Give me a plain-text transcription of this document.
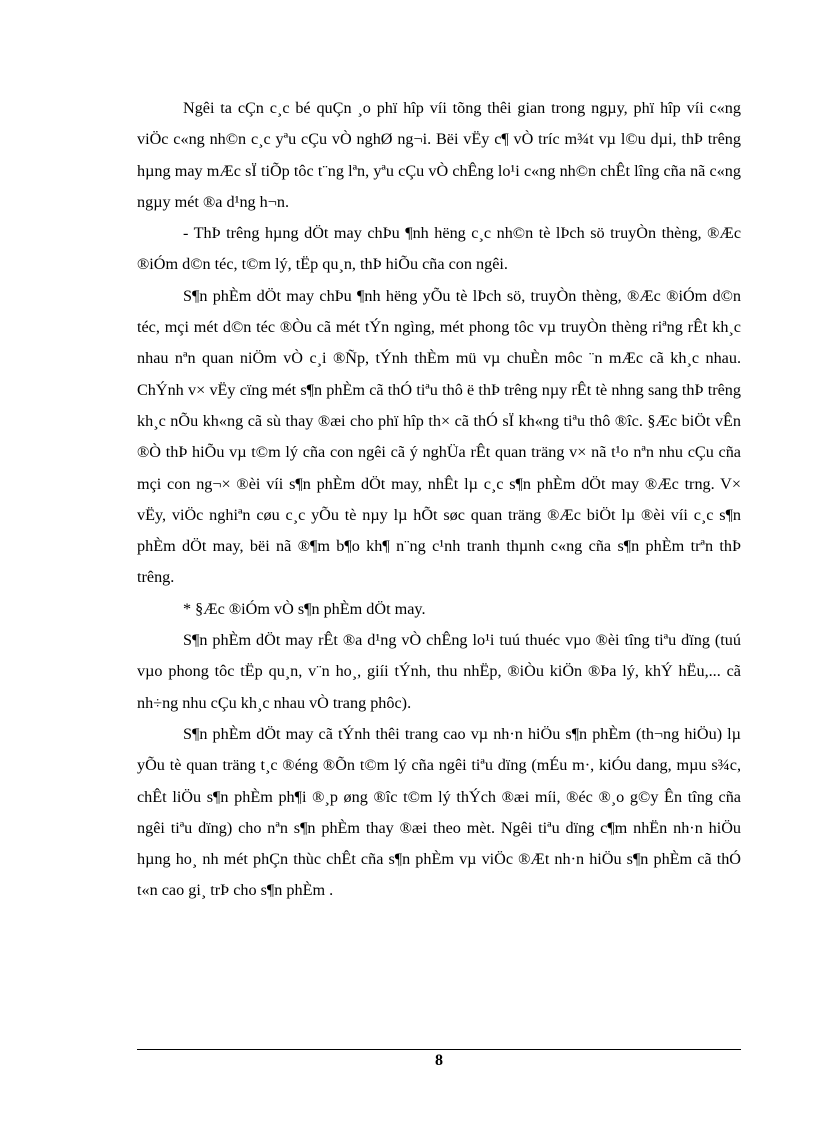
Ngêi ta cÇn c¸c bé quÇn ¸o phï hîp víi tõng thêi gian trong ngµy, phï hîp víi c«ng viÖc c«ng nh©n c¸c yªu cÇu vÒ nghØ ng¬i. Bëi vËy c¶ vÒ tríc m¾t vµ l©u dµi, thÞ trêng hµng may mÆc sÏ tiÕp tôc t¨ng lªn, yªu cÇu vÒ chÊng lo¹i c«ng nh©n chÊt lîng cña nã c«ng ngµy mét ®a d¹ng h¬n.

- ThÞ trêng hµng dÖt may chÞu ¶nh hëng c¸c nh©n tè lÞch sö truyÒn thèng, ®Æc ®iÓm d©n téc, t©m lý, tËp qu¸n, thÞ hiÕu cña con ngêi.

S¶n phÈm dÖt may chÞu ¶nh hëng yÕu tè lÞch sö, truyÒn thèng, ®Æc ®iÓm d©n téc, mçi mét d©n téc ®Òu cã mét tÝn ngìng, mét phong tôc vµ truyÒn thèng riªng rÊt kh¸c nhau nªn quan niÖm vÒ c¸i ®Ñp, tÝnh thÈm mü vµ chuÈn môc ¨n mÆc cã kh¸c nhau. ChÝnh v× vËy cïng mét s¶n phÈm cã thÓ tiªu thô ë thÞ trêng nµy rÊt tè nhng sang thÞ trêng kh¸c nÕu kh«ng cã sù thay ®æi cho phï hîp th× cã thÓ sÏ kh«ng tiªu thô ®îc. §Æc biÖt vÊn ®Ò thÞ hiÕu vµ t©m lý cña con ngêi cã ý nghÜa rÊt quan träng v× nã t¹o nªn nhu cÇu cña mçi con ng¬× ®èi víi s¶n phÈm dÖt may, nhÊt lµ c¸c s¶n phÈm dÖt may ®Æc trng. V× vËy, viÖc nghiªn cøu c¸c yÕu tè nµy lµ hÕt søc quan träng ®Æc biÖt lµ ®èi víi c¸c s¶n phÈm dÖt may, bëi nã ®¶m b¶o kh¶ n¨ng c¹nh tranh thµnh c«ng cña s¶n phÈm trªn thÞ trêng.

* §Æc ®iÓm vÒ s¶n phÈm dÖt may.

S¶n phÈm dÖt may rÊt ®a d¹ng vÒ chÊng lo¹i tuú thuéc vµo ®èi tîng tiªu dïng (tuú vµo phong tôc tËp qu¸n, v¨n ho¸, giíi tÝnh, thu nhËp, ®iÒu kiÖn ®Þa lý, khÝ hËu,... cã nh÷ng nhu cÇu kh¸c nhau vÒ trang phôc).

S¶n phÈm dÖt may cã tÝnh thêi trang cao vµ nh·n hiÖu s¶n phÈm (th¬ng hiÖu) lµ yÕu tè quan träng t¸c ®éng ®Õn t©m lý cña ngêi tiªu dïng (mÉu m·, kiÓu dang, mµu s¾c, chÊt liÖu s¶n phÈm ph¶i ®¸p øng ®îc t©m lý thÝch ®æi míi, ®éc ®¸o g©y Ên tîng cña ngêi tiªu dïng) cho nªn s¶n phÈm thay ®æi theo mèt. Ngêi tiªu dïng c¶m nhËn nh·n hiÖu hµng ho¸ nh mét phÇn thùc chÊt cña s¶n phÈm vµ viÖc ®Æt nh·n hiÖu s¶n phÈm cã thÓ t«n cao gi¸ trÞ cho s¶n phÈm .

8
